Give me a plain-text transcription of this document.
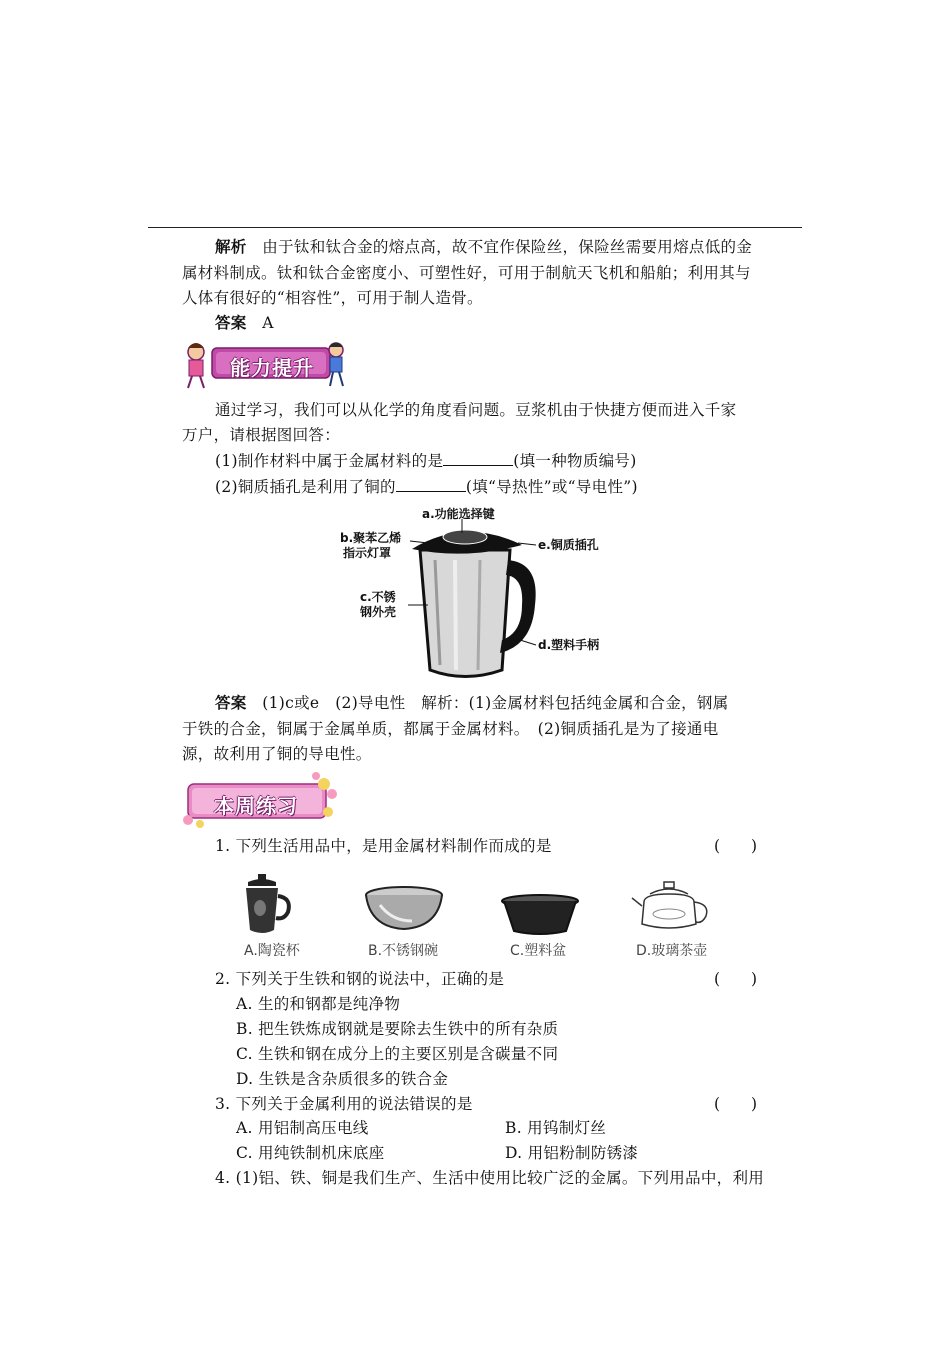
解析 由于钛和钛合金的熔点高，故不宜作保险丝，保险丝需要用熔点低的金
属材料制成。钛和钛合金密度小、可塑性好，可用于制航天飞机和船舶；利用其与
人体有很好的“相容性”，可用于制人造骨。
答案 A
能力提升
通过学习，我们可以从化学的角度看问题。豆浆机由于快捷方便而进入千家
万户，请根据图回答：
(1)制作材料中属于金属材料的是	(填一种物质编号)
(2)铜质插孔是利用了铜的	(填“导热性”或“导电性”)
a.功能选择键
b.聚苯乙烯
指示灯罩
c.不锈
钢外壳
e.铜质插孔
d.塑料手柄
答案 (1)c或e　(2)导电性　解析：(1)金属材料包括纯金属和合金，钢属
于铁的合金，铜属于金属单质，都属于金属材料。　(2)铜质插孔是为了接通电
源，故利用了铜的导电性。
本周练习
1. 下列生活用品中，是用金属材料制作而成的是	(　　)
A.陶瓷杯	B.不锈钢碗	C.塑料盆	D.玻璃茶壶
2. 下列关于生铁和钢的说法中，正确的是	(　　)
A. 生的和钢都是纯净物
B. 把生铁炼成钢就是要除去生铁中的所有杂质
C. 生铁和钢在成分上的主要区别是含碳量不同
D. 生铁是含杂质很多的铁合金
3. 下列关于金属利用的说法错误的是	(　　)
A. 用铝制高压电线	B. 用钨制灯丝
C. 用纯铁制机床底座	D. 用铝粉制防锈漆
4. (1)铝、铁、铜是我们生产、生活中使用比较广泛的金属。下列用品中，利用
